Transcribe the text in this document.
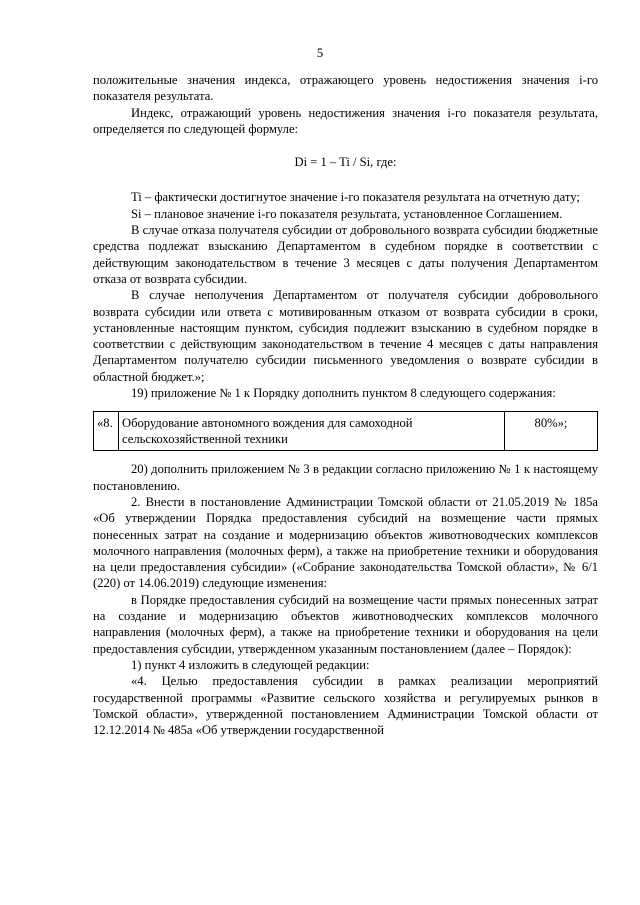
5

положительные значения индекса, отражающего уровень недостижения значения i-го показателя результата.

Индекс, отражающий уровень недостижения значения i-го показателя результата, определяется по следующей формуле:

Di = 1 – Ti / Si, где:

Ti – фактически достигнутое значение i-го показателя результата на отчетную дату;

Si – плановое значение i-го показателя результата, установленное Соглашением.

В случае отказа получателя субсидии от добровольного возврата субсидии бюджетные средства подлежат взысканию Департаментом в судебном порядке в соответствии с действующим законодательством в течение 3 месяцев с даты получения Департаментом отказа от возврата субсидии.

В случае неполучения Департаментом от получателя субсидии добровольного возврата субсидии или ответа с мотивированным отказом от возврата субсидии в сроки, установленные настоящим пунктом, субсидия подлежит взысканию в судебном порядке в соответствии с действующим законодательством в течение 4 месяцев с даты направления Департаментом получателю субсидии письменного уведомления о возврате субсидии в областной бюджет.»;

19) приложение № 1 к Порядку дополнить пунктом 8 следующего содержания:

«8.	Оборудование автономного вождения для самоходной сельскохозяйственной техники	80%»;

20) дополнить приложением № 3 в редакции согласно приложению № 1 к настоящему постановлению.

2. Внести в постановление Администрации Томской области от 21.05.2019 № 185а «Об утверждении Порядка предоставления субсидий на возмещение части прямых понесенных затрат на создание и модернизацию объектов животноводческих комплексов молочного направления (молочных ферм), а также на приобретение техники и оборудования на цели предоставления субсидии» («Собрание законодательства Томской области», № 6/1 (220) от 14.06.2019) следующие изменения:

в Порядке предоставления субсидий на возмещение части прямых понесенных затрат на создание и модернизацию объектов животноводческих комплексов молочного направления (молочных ферм), а также на приобретение техники и оборудования на цели предоставления субсидии, утвержденном указанным постановлением (далее – Порядок):

1) пункт 4 изложить в следующей редакции:

«4. Целью предоставления субсидии в рамках реализации мероприятий государственной программы «Развитие сельского хозяйства и регулируемых рынков в Томской области», утвержденной постановлением Администрации Томской области от 12.12.2014 № 485а «Об утверждении государственной
